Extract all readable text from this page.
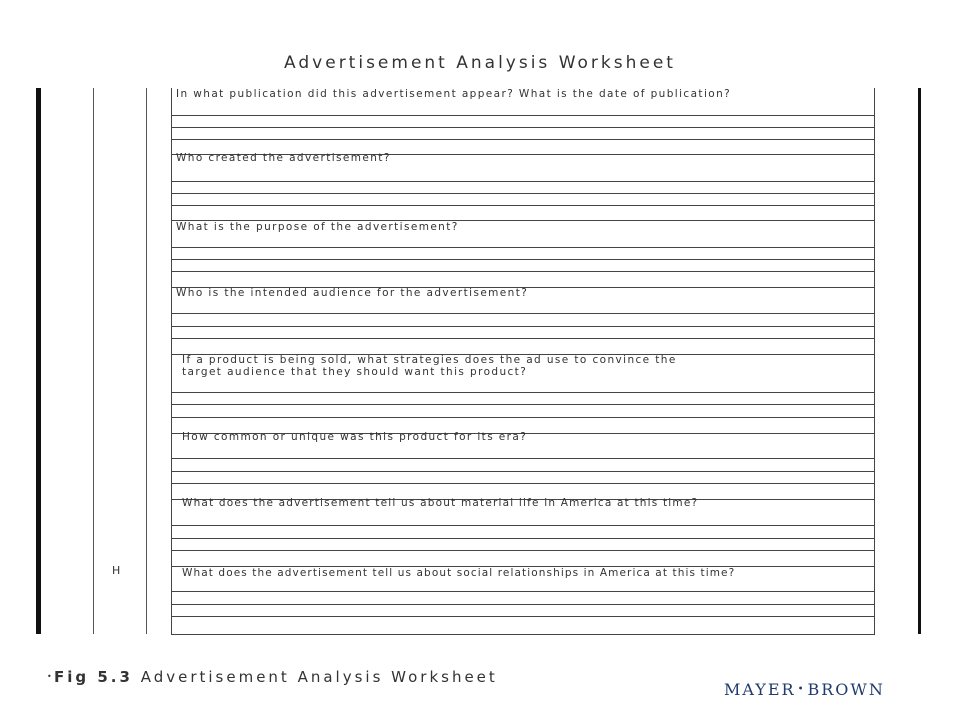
Advertisement Analysis Worksheet
H
In what publication did this advertisement appear? What is the date of publication?
Who created the advertisement?
What is the purpose of the advertisement?
Who is the intended audience for the advertisement?
If a product is being sold, what strategies does the ad use to convince the
target audience that they should want this product?
How common or unique was this product for its era?
What does the advertisement tell us about material life in America at this time?
What does the advertisement tell us about social relationships in America at this time?
• Fig 5.3 Advertisement Analysis Worksheet
MAYER • BROWN
